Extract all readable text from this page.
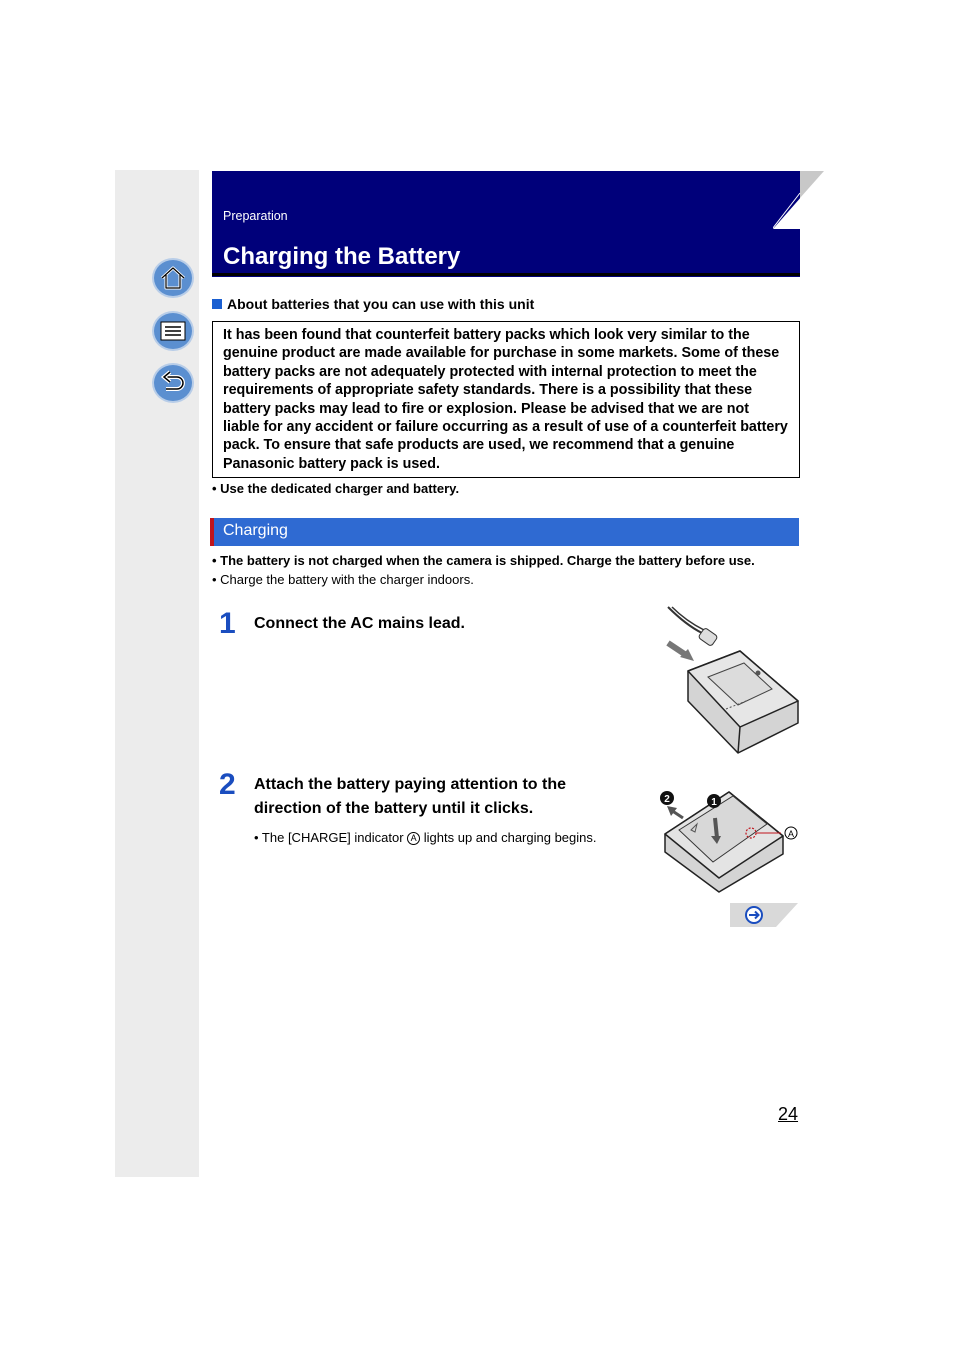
Preparation
Charging the Battery
About batteries that you can use with this unit

It has been found that counterfeit battery packs which look very similar to the genuine product are made available for purchase in some markets. Some of these battery packs are not adequately protected with internal protection to meet the requirements of appropriate safety standards. There is a possibility that these battery packs may lead to fire or explosion. Please be advised that we are not liable for any accident or failure occurring as a result of use of a counterfeit battery pack. To ensure that safe products are used, we recommend that a genuine Panasonic battery pack is used.

• Use the dedicated charger and battery.
Charging
• The battery is not charged when the camera is shipped. Charge the battery before use.
• Charge the battery with the charger indoors.
1 Connect the AC mains lead.
2 Attach the battery paying attention to the
direction of the battery until it clicks.
• The [CHARGE] indicator A lights up and charging begins.	A
1
2
24
